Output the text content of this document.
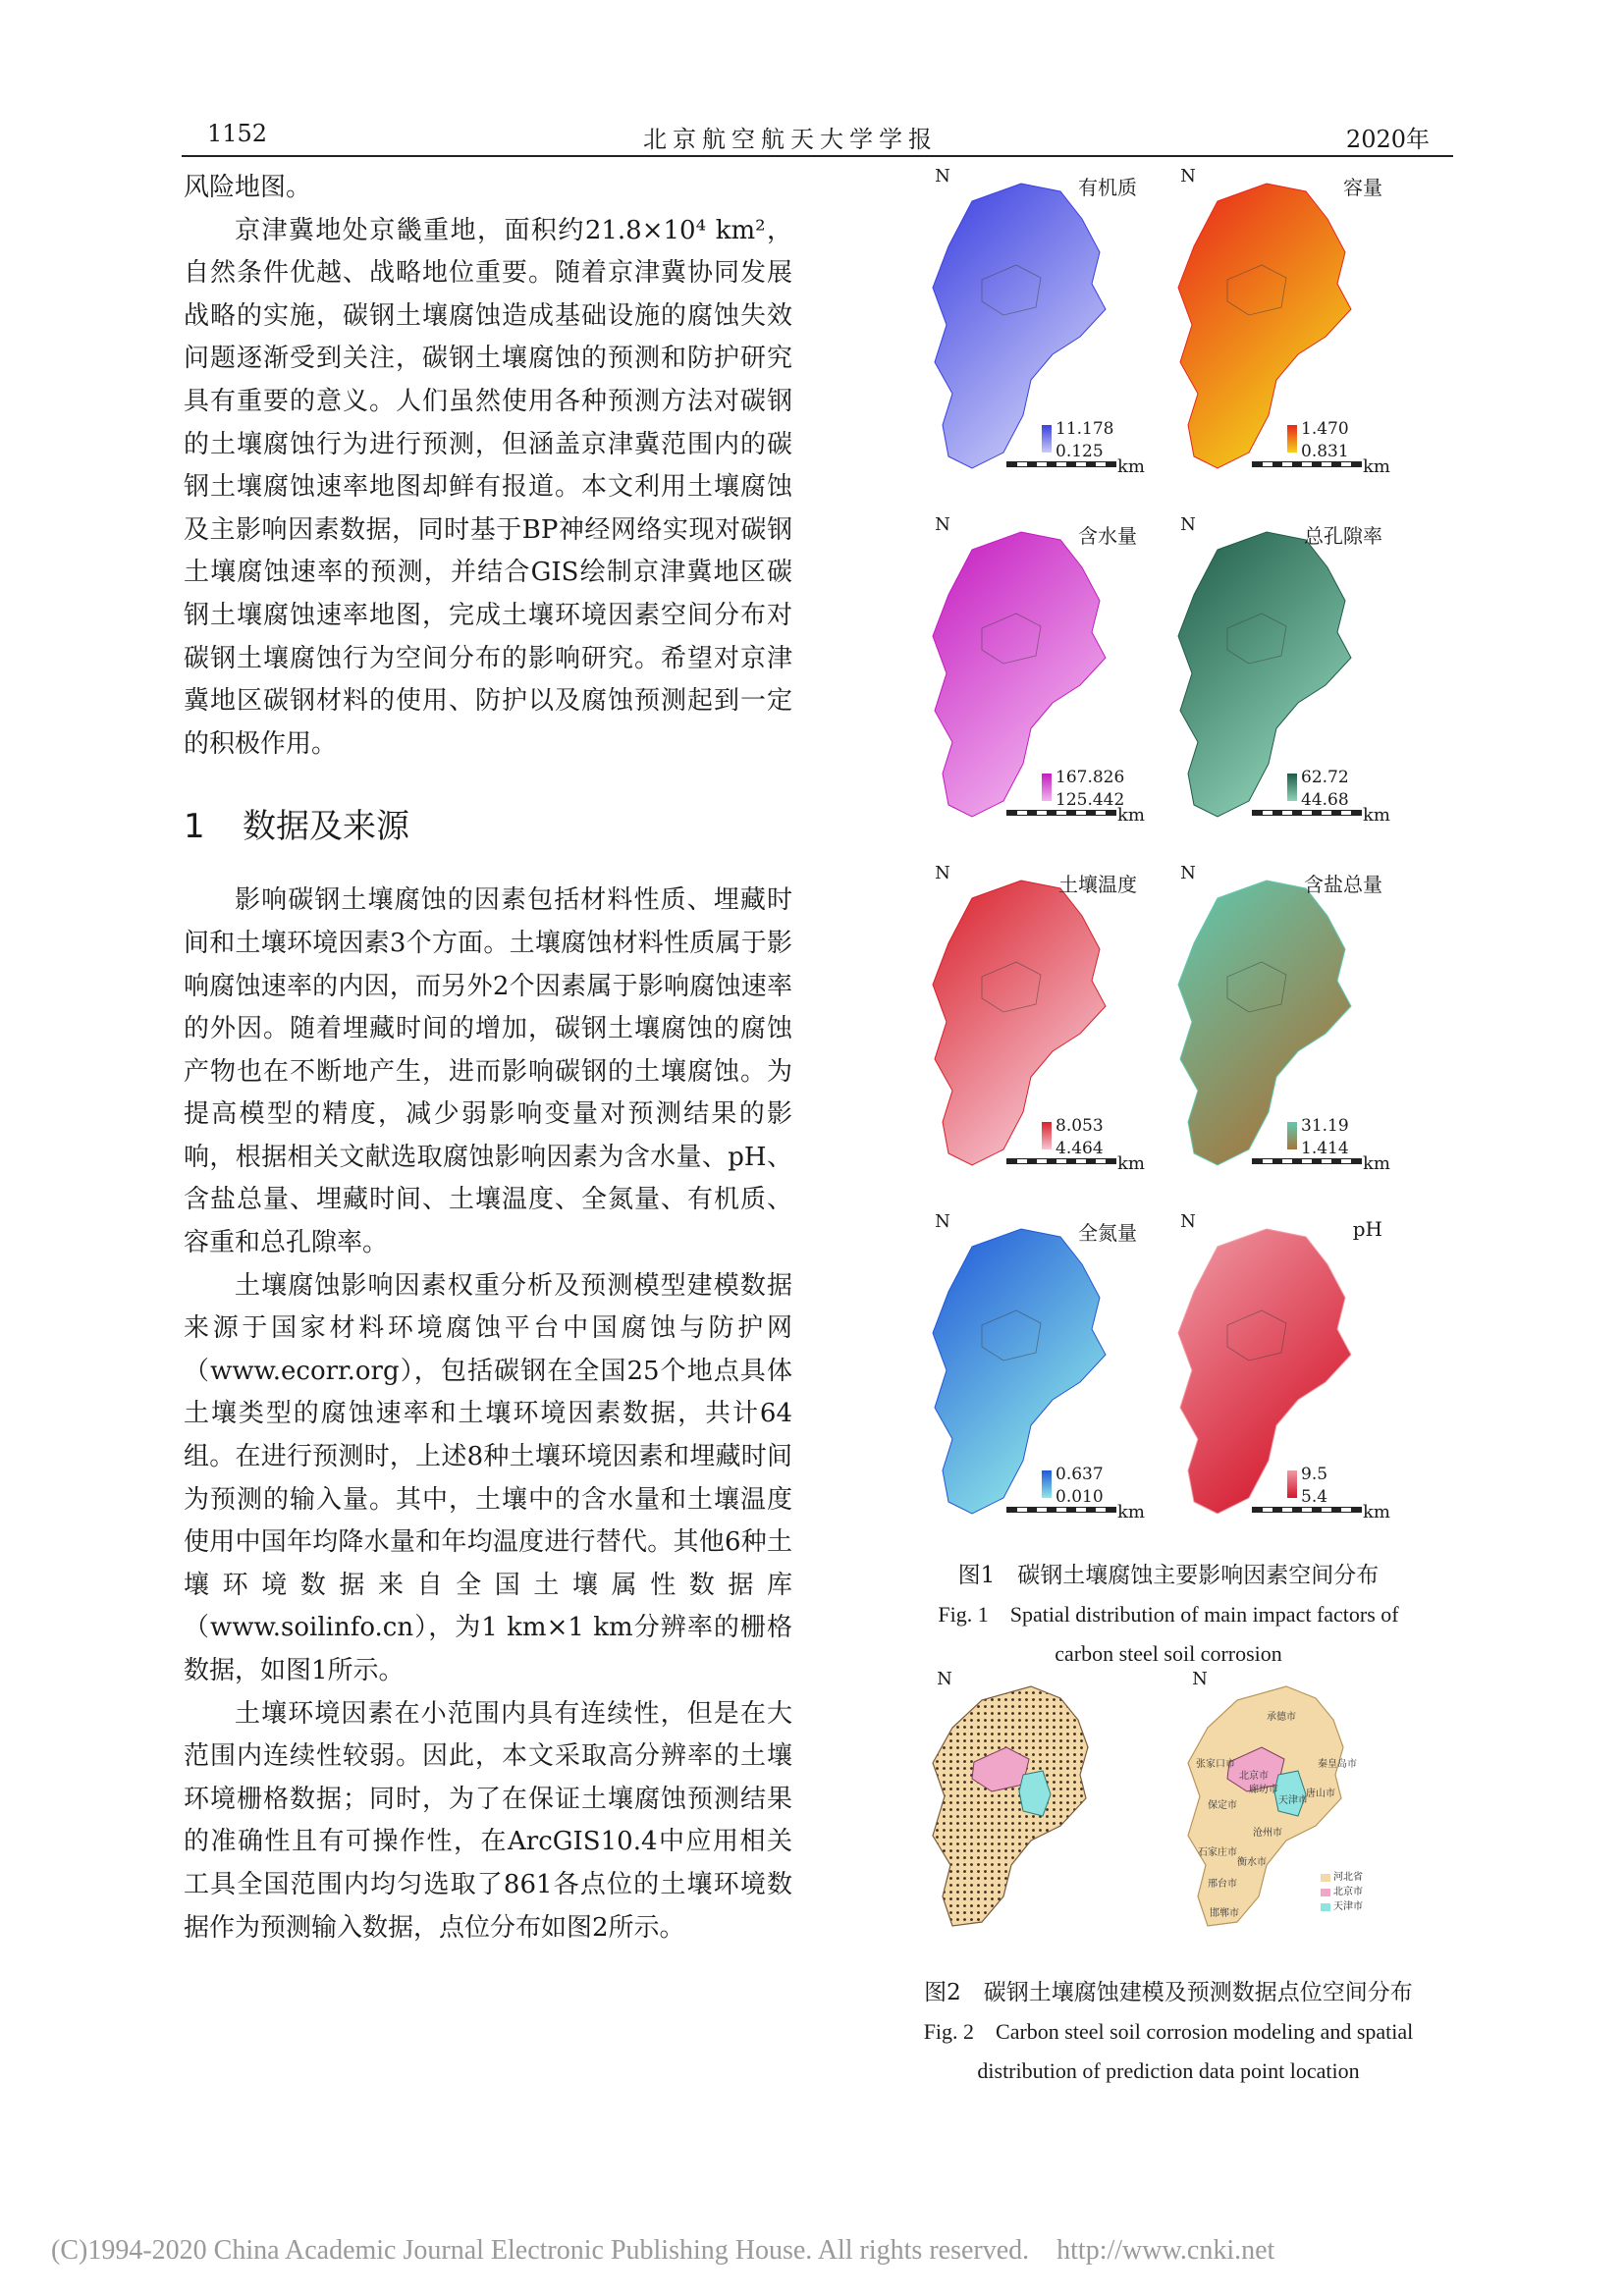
1152	北京航空航天大学学报	2020年

风险地图。

京津冀地处京畿重地，面积约21.8×10⁴ km²，自然条件优越、战略地位重要。随着京津冀协同发展战略的实施，碳钢土壤腐蚀造成基础设施的腐蚀失效问题逐渐受到关注，碳钢土壤腐蚀的预测和防护研究具有重要的意义。人们虽然使用各种预测方法对碳钢的土壤腐蚀行为进行预测，但涵盖京津冀范围内的碳钢土壤腐蚀速率地图却鲜有报道。本文利用土壤腐蚀及主影响因素数据，同时基于BP神经网络实现对碳钢土壤腐蚀速率的预测，并结合GIS绘制京津冀地区碳钢土壤腐蚀速率地图，完成土壤环境因素空间分布对碳钢土壤腐蚀行为空间分布的影响研究。希望对京津冀地区碳钢材料的使用、防护以及腐蚀预测起到一定的积极作用。

1 数据及来源

影响碳钢土壤腐蚀的因素包括材料性质、埋藏时间和土壤环境因素3个方面。土壤腐蚀材料性质属于影响腐蚀速率的内因，而另外2个因素属于影响腐蚀速率的外因。随着埋藏时间的增加，碳钢土壤腐蚀的腐蚀产物也在不断地产生，进而影响碳钢的土壤腐蚀。为提高模型的精度，减少弱影响变量对预测结果的影响，根据相关文献选取腐蚀影响因素为含水量、pH、含盐总量、埋藏时间、土壤温度、全氮量、有机质、容重和总孔隙率。

土壤腐蚀影响因素权重分析及预测模型建模数据来源于国家材料环境腐蚀平台中国腐蚀与防护网（www.ecorr.org），包括碳钢在全国25个地点具体土壤类型的腐蚀速率和土壤环境因素数据，共计64组。在进行预测时，上述8种土壤环境因素和埋藏时间为预测的输入量。其中，土壤中的含水量和土壤温度使用中国年均降水量和年均温度进行替代。其他6种土壤环境数据来自全国土壤属性数据库（www.soilinfo.cn），为1 km×1 km分辨率的栅格数据，如图1所示。

土壤环境因素在小范围内具有连续性，但是在大范围内连续性较弱。因此，本文采取高分辨率的土壤环境栅格数据；同时，为了在保证土壤腐蚀预测结果的准确性且有可操作性，在ArcGIS10.4中应用相关工具全国范围内均匀选取了861各点位的土壤环境数据作为预测输入数据，点位分布如图2所示。

N	有机质
11.178
0.125
km
N	容量
1.470
0.831
km
N	含水量
167.826
125.442
km
N	总孔隙率
62.72
44.68
km
N	土壤温度
8.053
4.464
km
N	含盐总量
31.19
1.414
km
N	全氮量
0.637
0.010
km
N	pH
9.5
5.4
km
图1　碳钢土壤腐蚀主要影响因素空间分布
Fig. 1　Spatial distribution of main impact factors of
carbon steel soil corrosion
N	N
张家口市
承德市
北京市
廊坊市	唐山市
秦皇岛市
天津市
保定市
沧州市
石家庄市
衡水市
邢台市
邯郸市
河北省
北京市
天津市
图2　碳钢土壤腐蚀建模及预测数据点位空间分布
Fig. 2　Carbon steel soil corrosion modeling and spatial
distribution of prediction data point location
(C)1994-2020 China Academic Journal Electronic Publishing House. All rights reserved.　http://www.cnki.net
